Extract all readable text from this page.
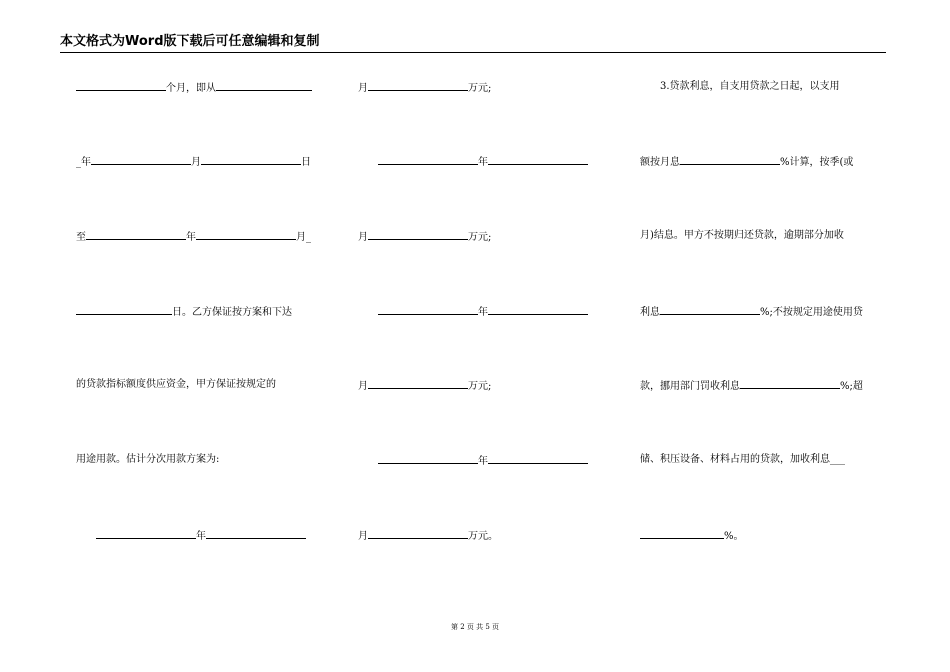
本文格式为Word版下载后可任意编辑和复制
个月，即从
_年	月	日
至	年	月_
日。乙方保证按方案和下达
的贷款指标额度供应资金，甲方保证按规定的
用途用款。估计分次用款方案为:
　　年
月	万元;
　　年
月	万元;
　　年
月	万元;
　　年
月	万元。
　　3.贷款利息，自支用贷款之日起，以支用
额按月息	%计算，按季(或
月)结息。甲方不按期归还贷款，逾期部分加收
利息	%;不按规定用途使用贷
款，挪用部门罚收利息	%;超
储、积压设备、材料占用的贷款，加收利息___
%。
第 2 页 共 5 页
